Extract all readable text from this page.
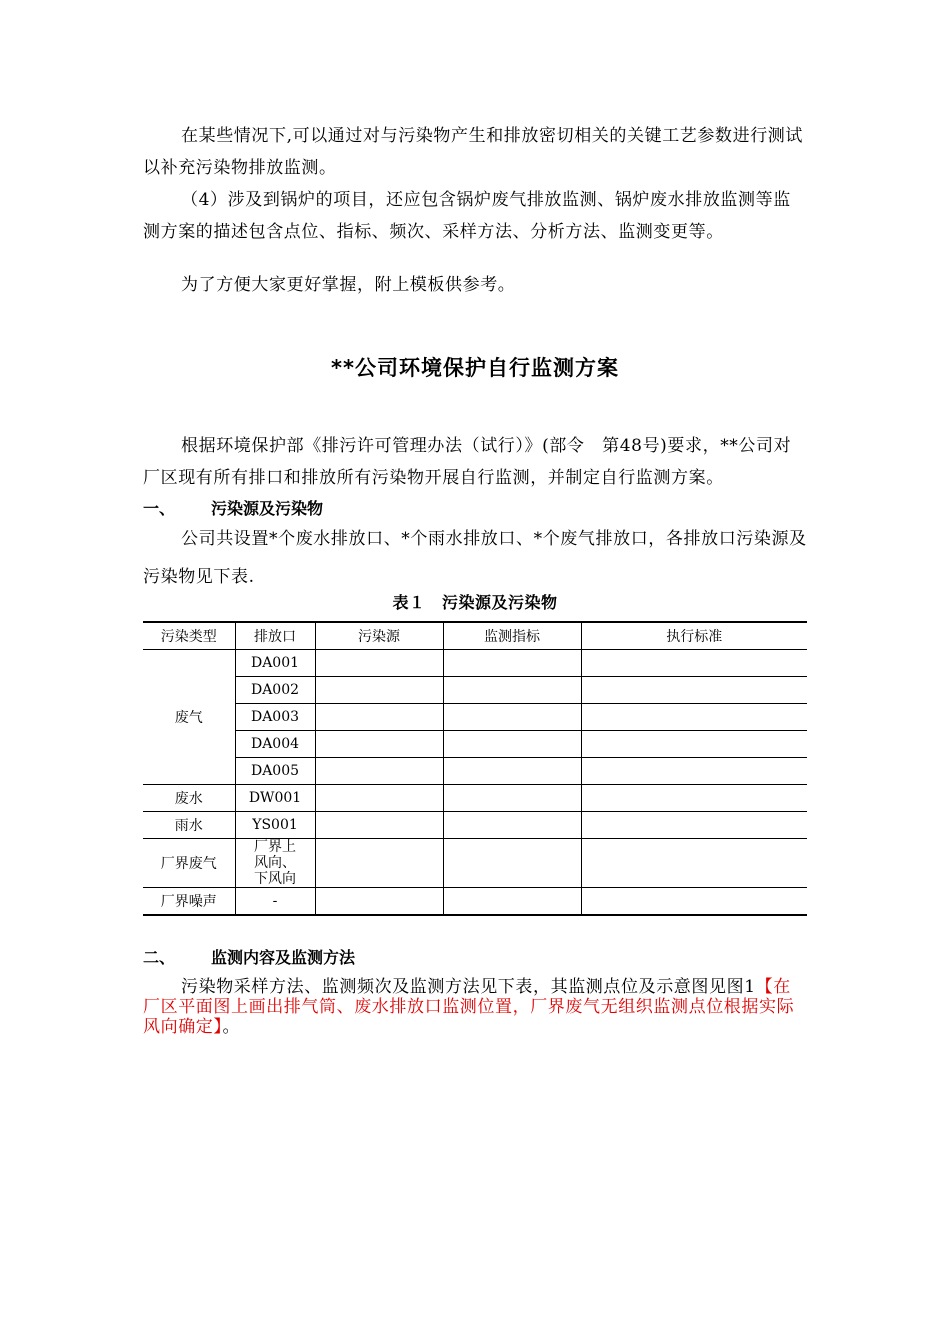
在某些情况下,可以通过对与污染物产生和排放密切相关的关键工艺参数进行测试以补充污染物排放监测。
（4）涉及到锅炉的项目，还应包含锅炉废气排放监测、锅炉废水排放监测等监测方案的描述包含点位、指标、频次、采样方法、分析方法、监测变更等。
为了方便大家更好掌握，附上模板供参考。
**公司环境保护自行监测方案
根据环境保护部《排污许可管理办法（试行）》(部令　第48号)要求，**公司对厂区现有所有排口和排放所有污染物开展自行监测，并制定自行监测方案。
一、 污染源及污染物
公司共设置*个废水排放口、*个雨水排放口、*个废气排放口，各排放口污染源及污染物见下表.
表１　污染源及污染物
污染类型	排放口	污染源	监测指标	执行标准
废气	DA001			
	DA002			
	DA003			
	DA004			
	DA005			
废水	DW001			
雨水	YS001			
厂界废气	厂界上
风向、
下风向			

厂界噪声	-			
二、 监测内容及监测方法
污染物采样方法、监测频次及监测方法见下表，其监测点位及示意图见图1【在厂区平面图上画出排气筒、废水排放口监测位置，厂界废气无组织监测点位根据实际风向确定】。
